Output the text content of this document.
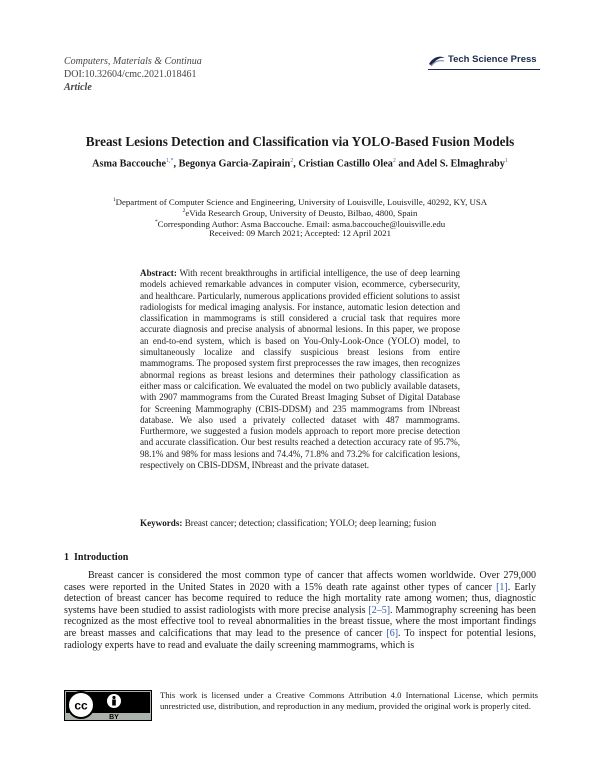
Computers, Materials & Continua
DOI:10.32604/cmc.2021.018461
Article
Tech Science Press
Breast Lesions Detection and Classification via YOLO-Based Fusion Models
Asma Baccouche$^{1,*}$, Begonya Garcia-Zapirain$^2$, Cristian Castillo Olea$^2$ and Adel S. Elmaghraby$^1$
$^1$Department of Computer Science and Engineering, University of Louisville, Louisville, 40292, KY, USA
$^2$eVida Research Group, University of Deusto, Bilbao, 4800, Spain
*Corresponding Author: Asma Baccouche. Email: asma.baccouche@louisville.edu
Received: 09 March 2021; Accepted: 12 April 2021
Abstract: With recent breakthroughs in artificial intelligence, the use of deep learning models achieved remarkable advances in computer vision, ecommerce, cybersecurity, and healthcare. Particularly, numerous applications provided efficient solutions to assist radiologists for medical imaging analysis. For instance, automatic lesion detection and classification in mammograms is still considered a crucial task that requires more accurate diagnosis and precise analysis of abnormal lesions. In this paper, we propose an end-to-end system, which is based on You-Only-Look-Once (YOLO) model, to simultaneously localize and classify suspicious breast lesions from entire mammograms. The proposed system first preprocesses the raw images, then recognizes abnormal regions as breast lesions and determines their pathology classification as either mass or calcification. We evaluated the model on two publicly available datasets, with 2907 mammograms from the Curated Breast Imaging Subset of Digital Database for Screening Mammography (CBIS-DDSM) and 235 mammograms from INbreast database. We also used a privately collected dataset with 487 mammograms. Furthermore, we suggested a fusion models approach to report more precise detection and accurate classification. Our best results reached a detection accuracy rate of 95.7%, 98.1% and 98% for mass lesions and 74.4%, 71.8% and 73.2% for calcification lesions, respectively on CBIS-DDSM, INbreast and the private dataset.
Keywords: Breast cancer; detection; classification; YOLO; deep learning; fusion
1 Introduction
Breast cancer is considered the most common type of cancer that affects women worldwide. Over 279,000 cases were reported in the United States in 2020 with a 15% death rate against other types of cancer [1]. Early detection of breast cancer has become required to reduce the high mortality rate among women; thus, diagnostic systems have been studied to assist radiologists with more precise analysis [2–5]. Mammography screening has been recognized as the most effective tool to reveal abnormalities in the breast tissue, where the most important findings are breast masses and calcifications that may lead to the presence of cancer [6]. To inspect for potential lesions, radiology experts have to read and evaluate the daily screening mammograms, which is
cc
BY
This work is licensed under a Creative Commons Attribution 4.0 International License, which permits unrestricted use, distribution, and reproduction in any medium, provided the original work is properly cited.
